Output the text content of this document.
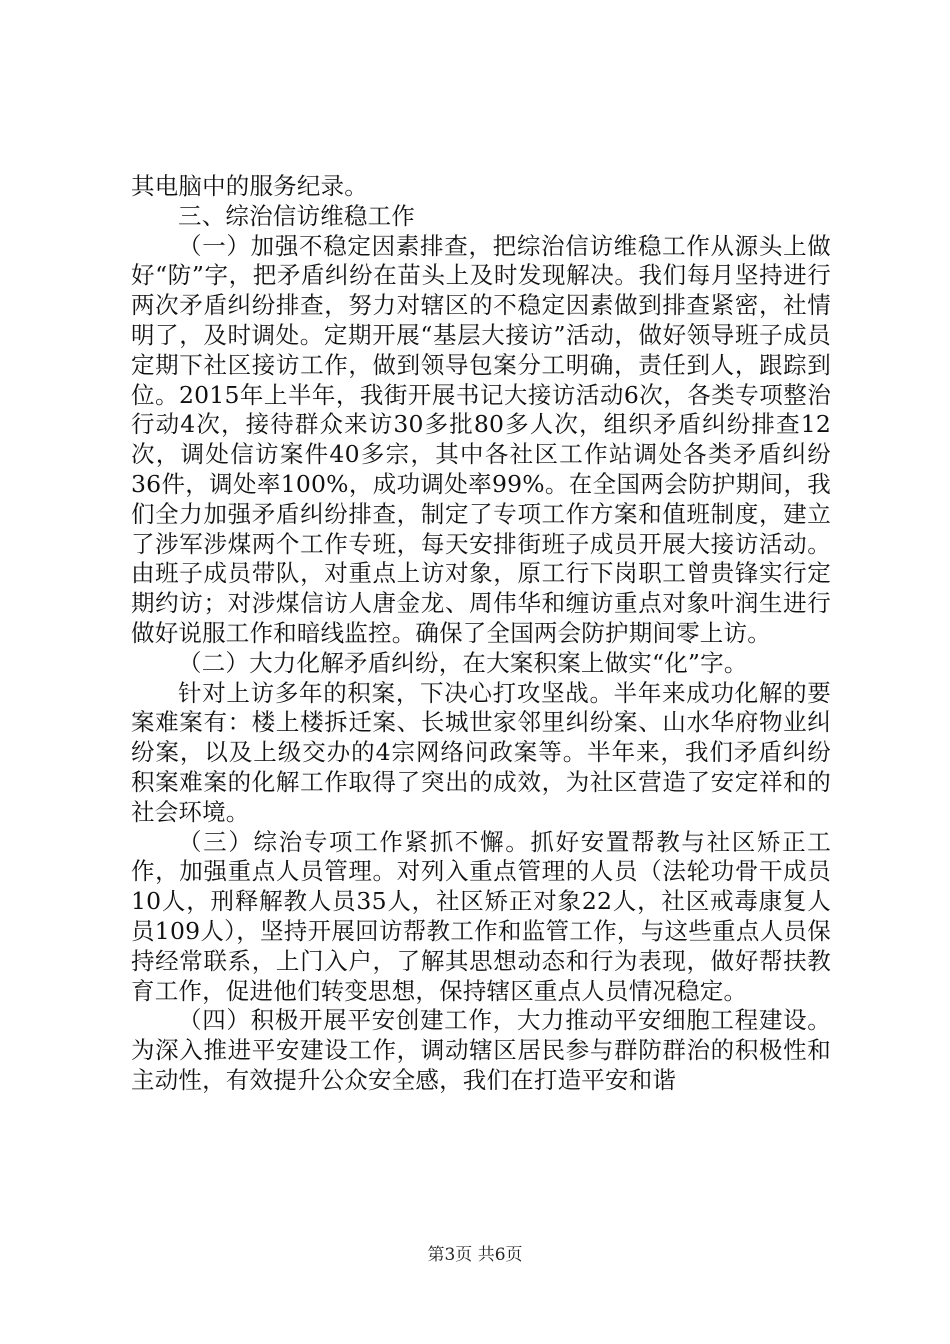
其电脑中的服务纪录。

三、综治信访维稳工作

（一）加强不稳定因素排查，把综治信访维稳工作从源头上做好“防”字，把矛盾纠纷在苗头上及时发现解决。我们每月坚持进行两次矛盾纠纷排查，努力对辖区的不稳定因素做到排查紧密，社情明了，及时调处。定期开展“基层大接访”活动，做好领导班子成员定期下社区接访工作，做到领导包案分工明确，责任到人，跟踪到位。2015年上半年，我街开展书记大接访活动6次，各类专项整治行动4次，接待群众来访30多批80多人次，组织矛盾纠纷排查12次，调处信访案件40多宗，其中各社区工作站调处各类矛盾纠纷36件，调处率100%，成功调处率99%。在全国两会防护期间，我们全力加强矛盾纠纷排查，制定了专项工作方案和值班制度，建立了涉军涉煤两个工作专班，每天安排街班子成员开展大接访活动。由班子成员带队，对重点上访对象，原工行下岗职工曾贵锋实行定期约访；对涉煤信访人唐金龙、周伟华和缠访重点对象叶润生进行做好说服工作和暗线监控。确保了全国两会防护期间零上访。

（二）大力化解矛盾纠纷，在大案积案上做实“化”字。

针对上访多年的积案，下决心打攻坚战。半年来成功化解的要案难案有：楼上楼拆迁案、长城世家邻里纠纷案、山水华府物业纠纷案，以及上级交办的4宗网络问政案等。半年来，我们矛盾纠纷积案难案的化解工作取得了突出的成效，为社区营造了安定祥和的社会环境。

（三）综治专项工作紧抓不懈。抓好安置帮教与社区矫正工作，加强重点人员管理。对列入重点管理的人员（法轮功骨干成员10人，刑释解教人员35人，社区矫正对象22人，社区戒毒康复人员109人），坚持开展回访帮教工作和监管工作，与这些重点人员保持经常联系，上门入户，了解其思想动态和行为表现，做好帮扶教育工作，促进他们转变思想，保持辖区重点人员情况稳定。

（四）积极开展平安创建工作，大力推动平安细胞工程建设。为深入推进平安建设工作，调动辖区居民参与群防群治的积极性和主动性，有效提升公众安全感，我们在打造平安和谐

第3页 共6页
